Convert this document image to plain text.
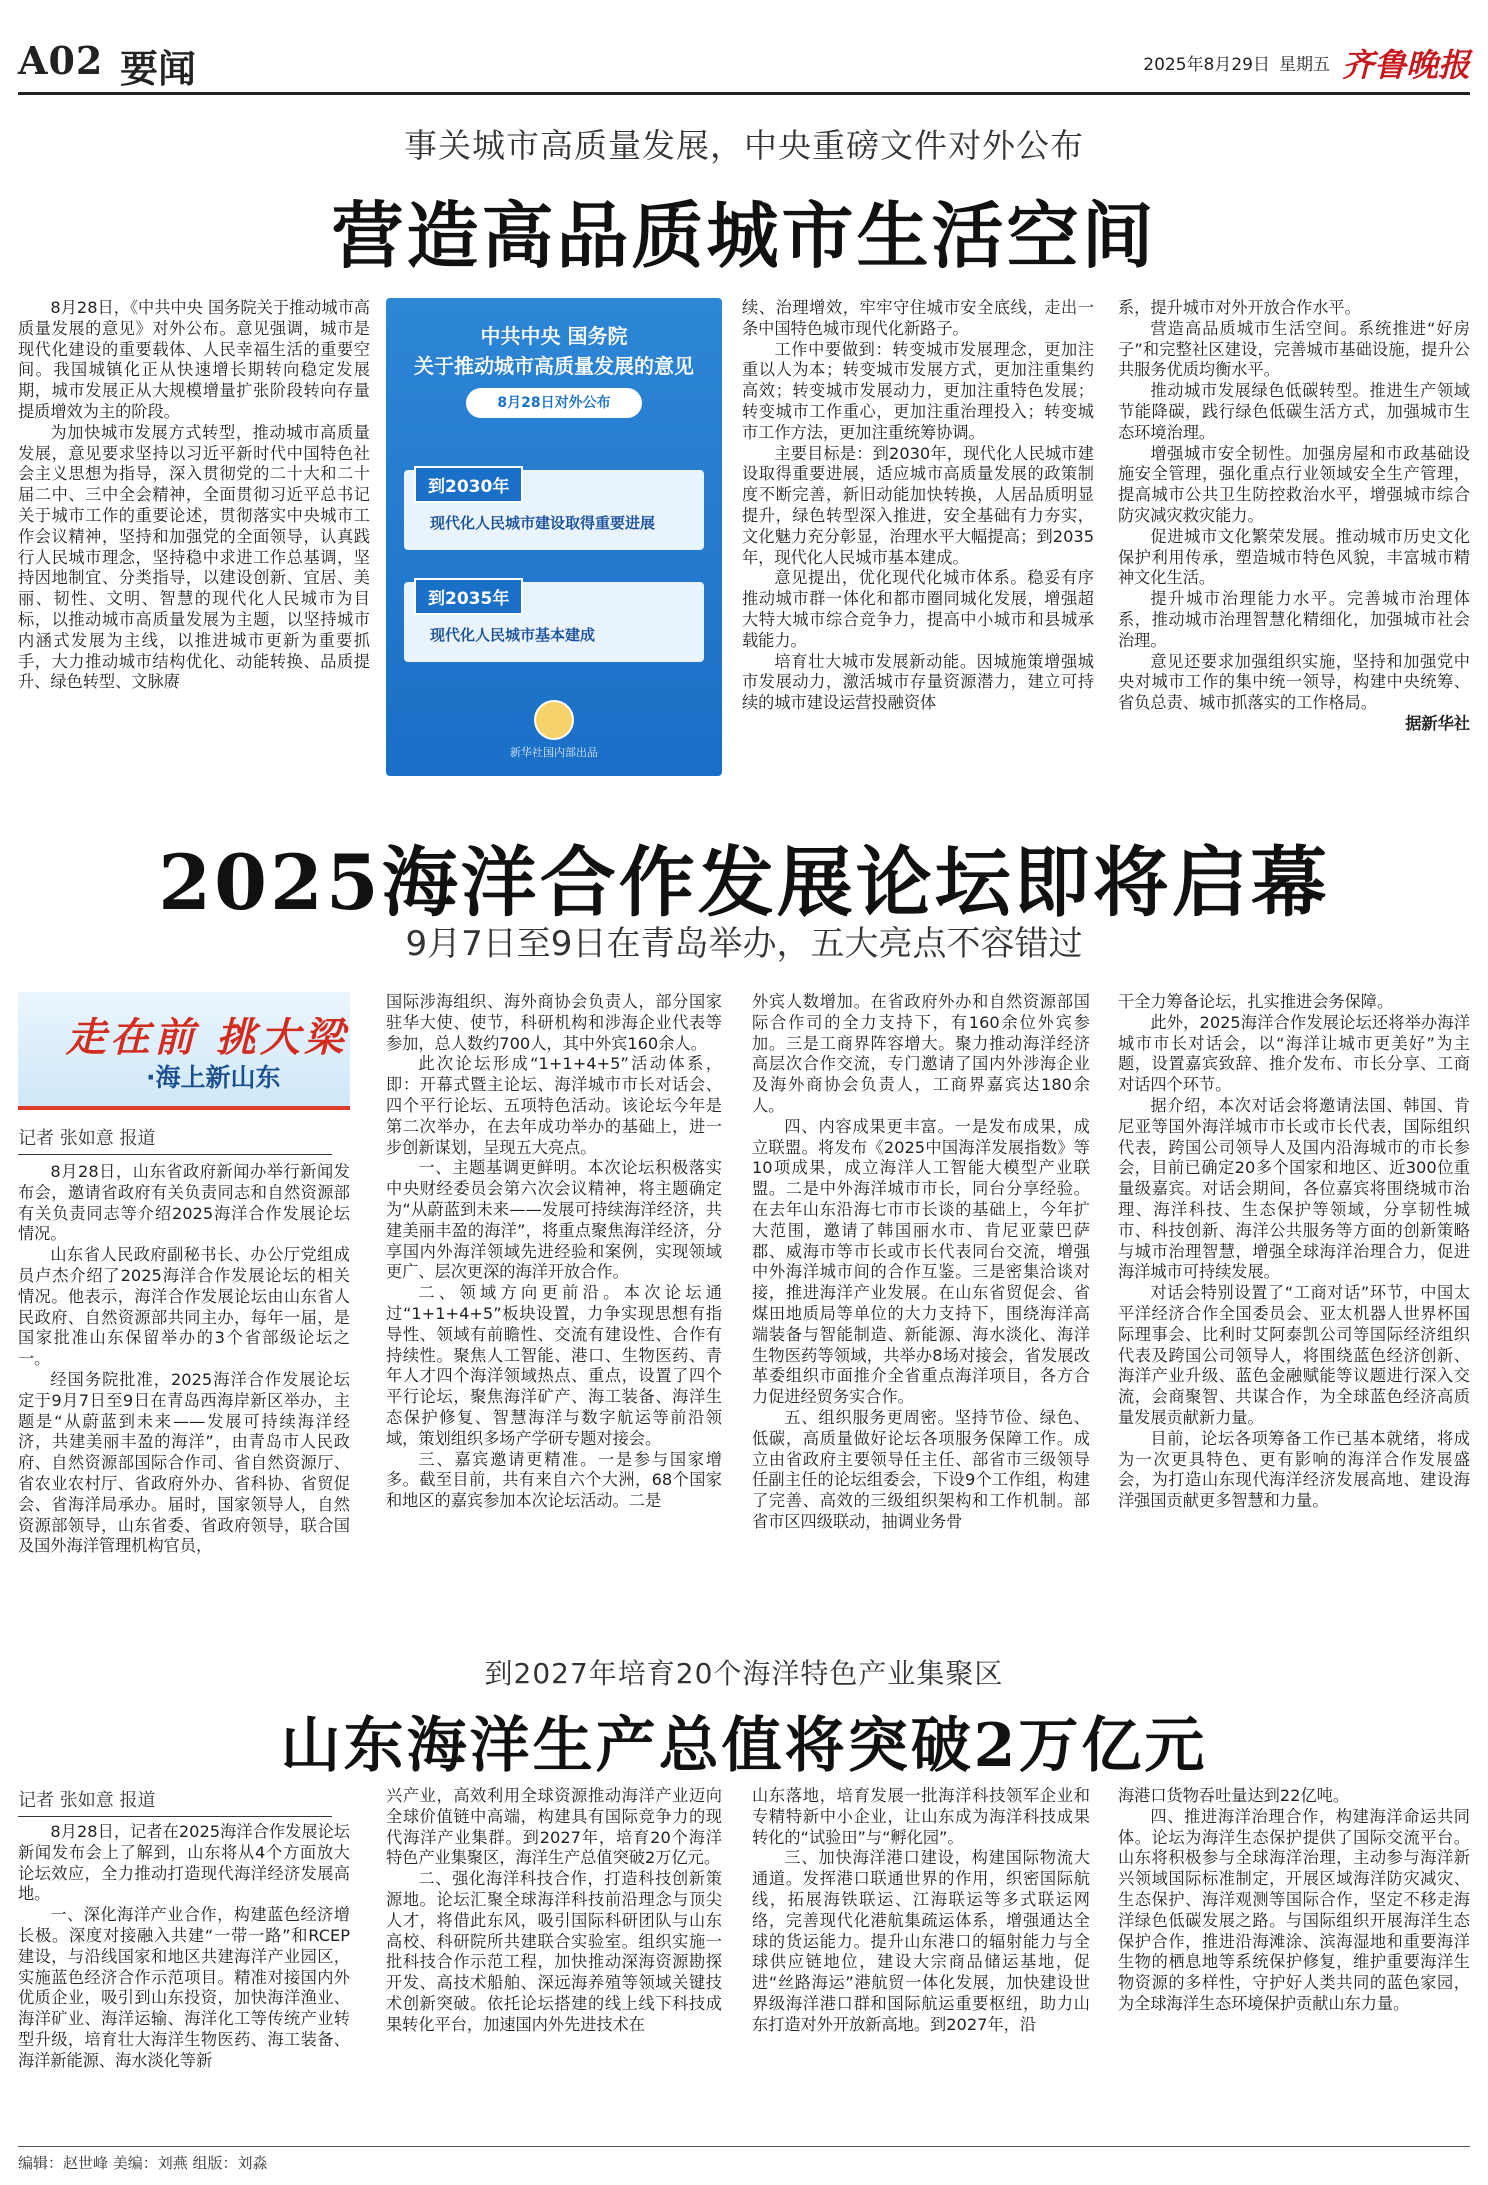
A02 要闻	2025年8月29日 星期五 齐鲁晚报
事关城市高质量发展，中央重磅文件对外公布
营造高品质城市生活空间

8月28日，《中共中央 国务院关于推动城市高质量发展的意见》对外公布。意见强调，城市是现代化建设的重要载体、人民幸福生活的重要空间。我国城镇化正从快速增长期转向稳定发展期，城市发展正从大规模增量扩张阶段转向存量提质增效为主的阶段。

为加快城市发展方式转型，推动城市高质量发展，意见要求坚持以习近平新时代中国特色社会主义思想为指导，深入贯彻党的二十大和二十届二中、三中全会精神，全面贯彻习近平总书记关于城市工作的重要论述，贯彻落实中央城市工作会议精神，坚持和加强党的全面领导，认真践行人民城市理念，坚持稳中求进工作总基调，坚持因地制宜、分类指导，以建设创新、宜居、美丽、韧性、文明、智慧的现代化人民城市为目标，以推动城市高质量发展为主题，以坚持城市内涵式发展为主线，以推进城市更新为重要抓手，大力推动城市结构优化、动能转换、品质提升、绿色转型、文脉赓

中共中央 国务院
关于推动城市高质量发展的意见
8月28日对外公布
到2030年
现代化人民城市建设取得重要进展
到2035年
现代化人民城市基本建成
新华社国内部出品

续、治理增效，牢牢守住城市安全底线，走出一条中国特色城市现代化新路子。

工作中要做到：转变城市发展理念，更加注重以人为本；转变城市发展方式，更加注重集约高效；转变城市发展动力，更加注重特色发展；转变城市工作重心，更加注重治理投入；转变城市工作方法，更加注重统筹协调。

主要目标是：到2030年，现代化人民城市建设取得重要进展，适应城市高质量发展的政策制度不断完善，新旧动能加快转换，人居品质明显提升，绿色转型深入推进，安全基础有力夯实，文化魅力充分彰显，治理水平大幅提高；到2035年，现代化人民城市基本建成。

意见提出，优化现代化城市体系。稳妥有序推动城市群一体化和都市圈同城化发展，增强超大特大城市综合竞争力，提高中小城市和县城承载能力。

培育壮大城市发展新动能。因城施策增强城市发展动力，激活城市存量资源潜力，建立可持续的城市建设运营投融资体

系，提升城市对外开放合作水平。

营造高品质城市生活空间。系统推进“好房子”和完整社区建设，完善城市基础设施，提升公共服务优质均衡水平。

推动城市发展绿色低碳转型。推进生产领域节能降碳，践行绿色低碳生活方式，加强城市生态环境治理。

增强城市安全韧性。加强房屋和市政基础设施安全管理，强化重点行业领域安全生产管理，提高城市公共卫生防控救治水平，增强城市综合防灾减灾救灾能力。

促进城市文化繁荣发展。推动城市历史文化保护利用传承，塑造城市特色风貌，丰富城市精神文化生活。

提升城市治理能力水平。完善城市治理体系，推动城市治理智慧化精细化，加强城市社会治理。

意见还要求加强组织实施，坚持和加强党中央对城市工作的集中统一领导，构建中央统筹、省负总责、城市抓落实的工作格局。

据新华社

2025海洋合作发展论坛即将启幕
9月7日至9日在青岛举办，五大亮点不容错过
走在前 挑大梁
·海上新山东
记者 张如意 报道

8月28日，山东省政府新闻办举行新闻发布会，邀请省政府有关负责同志和自然资源部有关负责同志等介绍2025海洋合作发展论坛情况。

山东省人民政府副秘书长、办公厅党组成员卢杰介绍了2025海洋合作发展论坛的相关情况。他表示，海洋合作发展论坛由山东省人民政府、自然资源部共同主办，每年一届，是国家批准山东保留举办的3个省部级论坛之一。

经国务院批准，2025海洋合作发展论坛定于9月7日至9日在青岛西海岸新区举办，主题是“从蔚蓝到未来——发展可持续海洋经济，共建美丽丰盈的海洋”，由青岛市人民政府、自然资源部国际合作司、省自然资源厅、省农业农村厅、省政府外办、省科协、省贸促会、省海洋局承办。届时，国家领导人，自然资源部领导，山东省委、省政府领导，联合国及国外海洋管理机构官员，

国际涉海组织、海外商协会负责人，部分国家驻华大使、使节，科研机构和涉海企业代表等参加，总人数约700人，其中外宾160余人。

此次论坛形成“1+1+4+5”活动体系，即：开幕式暨主论坛、海洋城市市长对话会、四个平行论坛、五项特色活动。该论坛今年是第二次举办，在去年成功举办的基础上，进一步创新谋划，呈现五大亮点。

一、主题基调更鲜明。本次论坛积极落实中央财经委员会第六次会议精神，将主题确定为“从蔚蓝到未来——发展可持续海洋经济，共建美丽丰盈的海洋”，将重点聚焦海洋经济，分享国内外海洋领域先进经验和案例，实现领域更广、层次更深的海洋开放合作。

二、领域方向更前沿。本次论坛通过“1+1+4+5”板块设置，力争实现思想有指导性、领域有前瞻性、交流有建设性、合作有持续性。聚焦人工智能、港口、生物医药、青年人才四个海洋领域热点、重点，设置了四个平行论坛，聚焦海洋矿产、海工装备、海洋生态保护修复、智慧海洋与数字航运等前沿领域，策划组织多场产学研专题对接会。

三、嘉宾邀请更精准。一是参与国家增多。截至目前，共有来自六个大洲，68个国家和地区的嘉宾参加本次论坛活动。二是

外宾人数增加。在省政府外办和自然资源部国际合作司的全力支持下，有160余位外宾参加。三是工商界阵容增大。聚力推动海洋经济高层次合作交流，专门邀请了国内外涉海企业及海外商协会负责人，工商界嘉宾达180余人。

四、内容成果更丰富。一是发布成果，成立联盟。将发布《2025中国海洋发展指数》等10项成果，成立海洋人工智能大模型产业联盟。二是中外海洋城市市长，同台分享经验。在去年山东沿海七市市长谈的基础上，今年扩大范围，邀请了韩国丽水市、肯尼亚蒙巴萨郡、威海市等市长或市长代表同台交流，增强中外海洋城市间的合作互鉴。三是密集洽谈对接，推进海洋产业发展。在山东省贸促会、省煤田地质局等单位的大力支持下，围绕海洋高端装备与智能制造、新能源、海水淡化、海洋生物医药等领域，共举办8场对接会，省发展改革委组织市面推介全省重点海洋项目，各方合力促进经贸务实合作。

五、组织服务更周密。坚持节俭、绿色、低碳，高质量做好论坛各项服务保障工作。成立由省政府主要领导任主任、部省市三级领导任副主任的论坛组委会，下设9个工作组，构建了完善、高效的三级组织架构和工作机制。部省市区四级联动，抽调业务骨

干全力筹备论坛，扎实推进会务保障。

此外，2025海洋合作发展论坛还将举办海洋城市市长对话会，以“海洋让城市更美好”为主题，设置嘉宾致辞、推介发布、市长分享、工商对话四个环节。

据介绍，本次对话会将邀请法国、韩国、肯尼亚等国外海洋城市市长或市长代表，国际组织代表，跨国公司领导人及国内沿海城市的市长参会，目前已确定20多个国家和地区、近300位重量级嘉宾。对话会期间，各位嘉宾将围绕城市治理、海洋科技、生态保护等领域，分享韧性城市、科技创新、海洋公共服务等方面的创新策略与城市治理智慧，增强全球海洋治理合力，促进海洋城市可持续发展。

对话会特别设置了“工商对话”环节，中国太平洋经济合作全国委员会、亚太机器人世界杯国际理事会、比利时艾阿泰凯公司等国际经济组织代表及跨国公司领导人，将围绕蓝色经济创新、海洋产业升级、蓝色金融赋能等议题进行深入交流，会商聚智、共谋合作，为全球蓝色经济高质量发展贡献新力量。

目前，论坛各项筹备工作已基本就绪，将成为一次更具特色、更有影响的海洋合作发展盛会，为打造山东现代海洋经济发展高地、建设海洋强国贡献更多智慧和力量。

到2027年培育20个海洋特色产业集聚区
山东海洋生产总值将突破2万亿元
记者 张如意 报道

8月28日，记者在2025海洋合作发展论坛新闻发布会上了解到，山东将从4个方面放大论坛效应，全力推动打造现代海洋经济发展高地。

一、深化海洋产业合作，构建蓝色经济增长极。深度对接融入共建“一带一路”和RCEP建设，与沿线国家和地区共建海洋产业园区，实施蓝色经济合作示范项目。精准对接国内外优质企业，吸引到山东投资，加快海洋渔业、海洋矿业、海洋运输、海洋化工等传统产业转型升级，培育壮大海洋生物医药、海工装备、海洋新能源、海水淡化等新

兴产业，高效利用全球资源推动海洋产业迈向全球价值链中高端，构建具有国际竞争力的现代海洋产业集群。到2027年，培育20个海洋特色产业集聚区，海洋生产总值突破2万亿元。

二、强化海洋科技合作，打造科技创新策源地。论坛汇聚全球海洋科技前沿理念与顶尖人才，将借此东风，吸引国际科研团队与山东高校、科研院所共建联合实验室。组织实施一批科技合作示范工程，加快推动深海资源勘探开发、高技术船舶、深远海养殖等领域关键技术创新突破。依托论坛搭建的线上线下科技成果转化平台，加速国内外先进技术在

山东落地，培育发展一批海洋科技领军企业和专精特新中小企业，让山东成为海洋科技成果转化的“试验田”与“孵化园”。

三、加快海洋港口建设，构建国际物流大通道。发挥港口联通世界的作用，织密国际航线，拓展海铁联运、江海联运等多式联运网络，完善现代化港航集疏运体系，增强通达全球的货运能力。提升山东港口的辐射能力与全球供应链地位，建设大宗商品储运基地，促进“丝路海运”港航贸一体化发展，加快建设世界级海洋港口群和国际航运重要枢纽，助力山东打造对外开放新高地。到2027年，沿

海港口货物吞吐量达到22亿吨。

四、推进海洋治理合作，构建海洋命运共同体。论坛为海洋生态保护提供了国际交流平台。山东将积极参与全球海洋治理，主动参与海洋新兴领域国际标准制定，开展区域海洋防灾减灾、生态保护、海洋观测等国际合作，坚定不移走海洋绿色低碳发展之路。与国际组织开展海洋生态保护合作，推进沿海滩涂、滨海湿地和重要海洋生物的栖息地等系统保护修复，维护重要海洋生物资源的多样性，守护好人类共同的蓝色家园，为全球海洋生态环境保护贡献山东力量。

编辑：赵世峰 美编：刘燕 组版：刘淼
